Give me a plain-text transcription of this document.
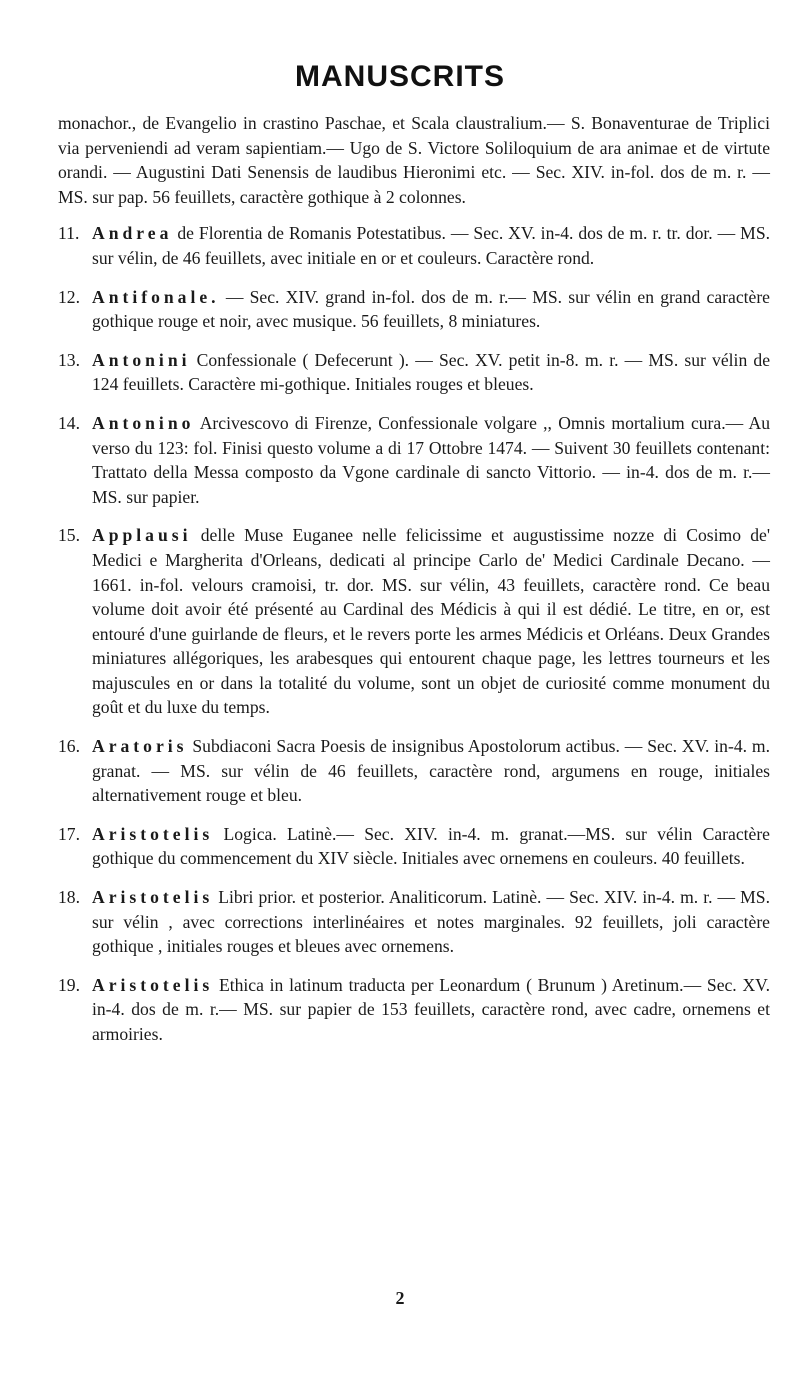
MANUSCRITS

monachor., de Evangelio in crastino Paschae, et Scala claustralium.— S. Bonaventurae de Triplici via perveniendi ad veram sapientiam.— Ugo de S. Victore Soliloquium de ara animae et de virtute orandi. — Augustini Dati Senensis de laudibus Hieronimi etc. — Sec. XIV. in-fol. dos de m. r. — MS. sur pap. 56 feuillets, caractère gothique à 2 colonnes.

11. Andrea de Florentia de Romanis Potestatibus. — Sec. XV. in-4. dos de m. r. tr. dor. — MS. sur vélin, de 46 feuillets, avec initiale en or et couleurs. Caractère rond.

12. Antifonale. — Sec. XIV. grand in-fol. dos de m. r.— MS. sur vélin en grand caractère gothique rouge et noir, avec musique. 56 feuillets, 8 miniatures.

13. Antonini Confessionale ( Defecerunt ). — Sec. XV. petit in-8. m. r. — MS. sur vélin de 124 feuillets. Caractère mi-gothique. Initiales rouges et bleues.

14. Antonino Arcivescovo di Firenze, Confessionale volgare ,, Omnis mortalium cura.— Au verso du 123: fol. Finisi questo volume a di 17 Ottobre 1474. — Suivent 30 feuillets contenant: Trattato della Messa composto da Vgone cardinale di sancto Vittorio. — in-4. dos de m. r.—MS. sur papier.

15. Applausi delle Muse Euganee nelle felicissime et augustissime nozze di Cosimo de' Medici e Margherita d'Orleans, dedicati al principe Carlo de' Medici Cardinale Decano. — 1661. in-fol. velours cramoisi, tr. dor. MS. sur vélin, 43 feuillets, caractère rond. Ce beau volume doit avoir été présenté au Cardinal des Médicis à qui il est dédié. Le titre, en or, est entouré d'une guirlande de fleurs, et le revers porte les armes Médicis et Orléans. Deux Grandes miniatures allégoriques, les arabesques qui entourent chaque page, les lettres tourneurs et les majuscules en or dans la totalité du volume, sont un objet de curiosité comme monument du goût et du luxe du temps.

16. Aratoris Subdiaconi Sacra Poesis de insignibus Apostolorum actibus. — Sec. XV. in-4. m. granat. — MS. sur vélin de 46 feuillets, caractère rond, argumens en rouge, initiales alternativement rouge et bleu.

17. Aristotelis Logica. Latinè.— Sec. XIV. in-4. m. granat.—MS. sur vélin Caractère gothique du commencement du XIV siècle. Initiales avec ornemens en couleurs. 40 feuillets.

18. Aristotelis Libri prior. et posterior. Analiticorum. Latinè. — Sec. XIV. in-4. m. r. — MS. sur vélin , avec corrections interlinéaires et notes marginales. 92 feuillets, joli caractère gothique , initiales rouges et bleues avec ornemens.

19. Aristotelis Ethica in latinum traducta per Leonardum ( Brunum ) Aretinum.— Sec. XV. in-4. dos de m. r.— MS. sur papier de 153 feuillets, caractère rond, avec cadre, ornemens et armoiries.

2
